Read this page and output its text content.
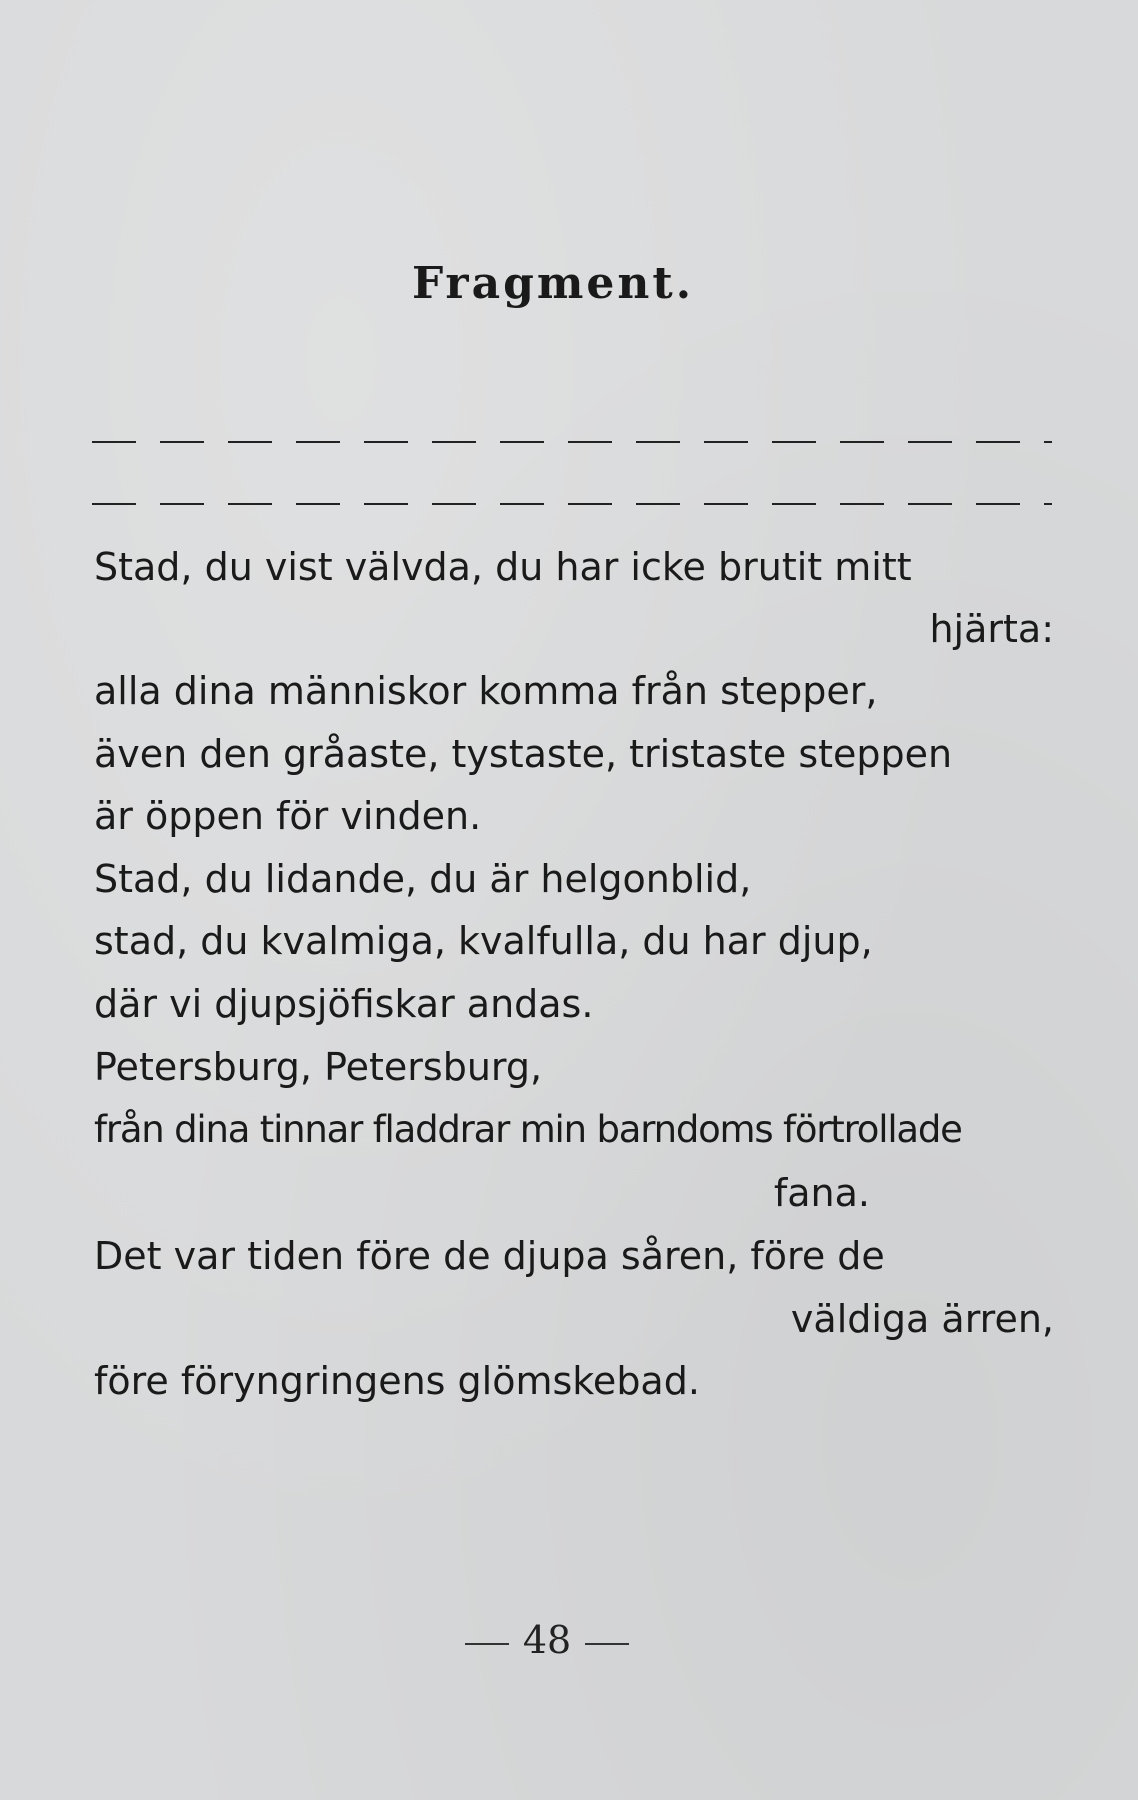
Fragment.
Stad, du vist välvda, du har icke brutit mitt
hjärta:
alla dina människor komma från stepper,
även den gråaste, tystaste, tristaste steppen
är öppen för vinden.
Stad, du lidande, du är helgonblid,
stad, du kvalmiga, kvalfulla, du har djup,
där vi djupsjöfiskar andas.
Petersburg, Petersburg,
från dina tinnar fladdrar min barndoms förtrollade
fana.
Det var tiden före de djupa såren, före de
väldiga ärren,
före föryngringens glömskebad.
48
